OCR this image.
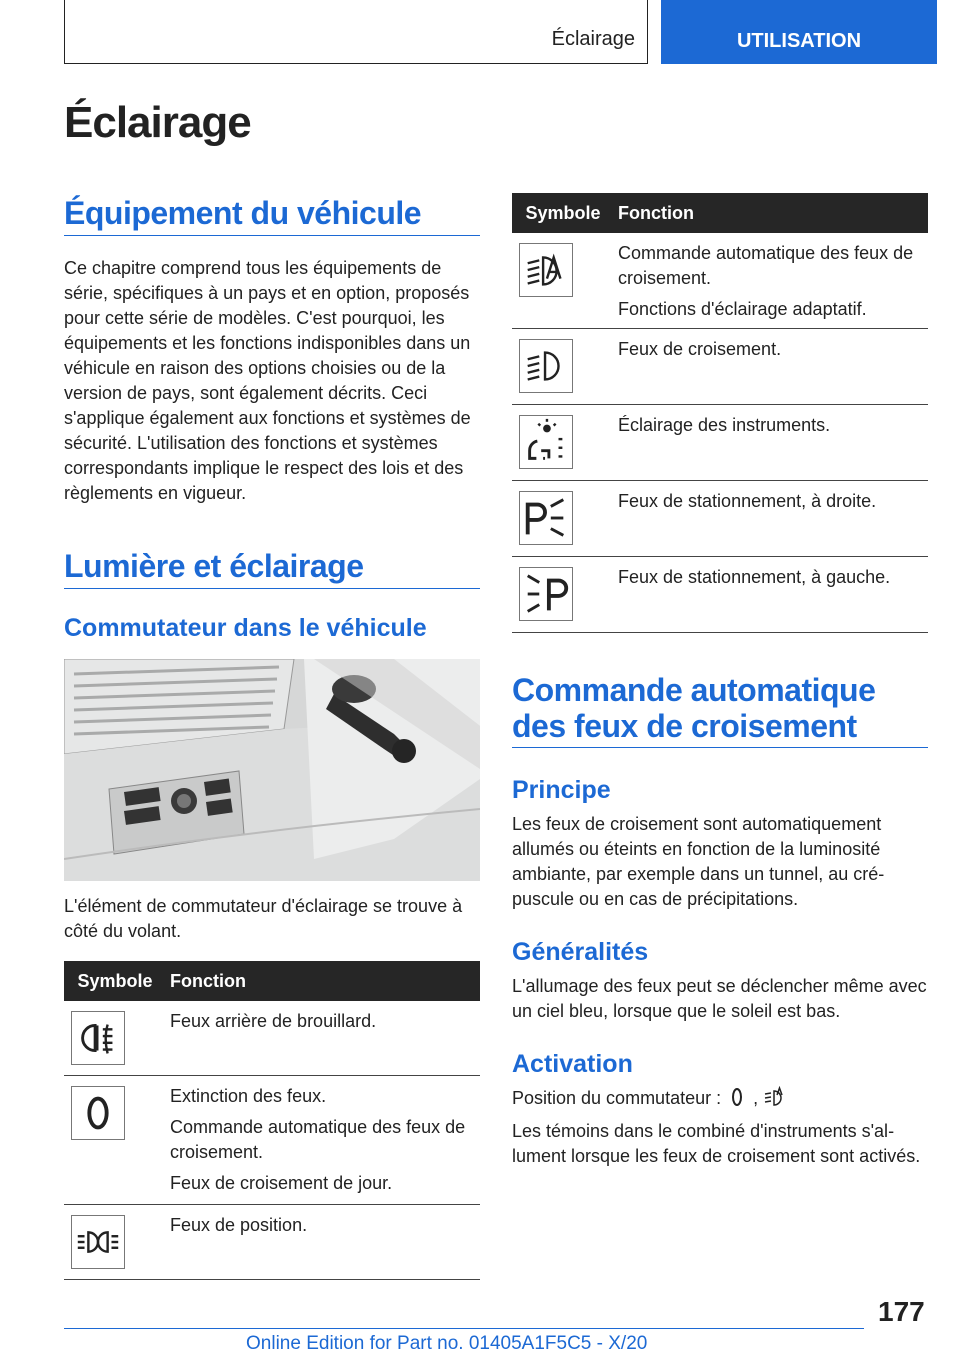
Éclairage	UTILISATION
Éclairage
Équipement du véhicule

Ce chapitre comprend tous les équipements de série, spécifiques à un pays et en option, proposés pour cette série de modèles. C'est pourquoi, les équipements et les fonctions indisponibles dans un véhicule en raison des options choisies ou de la version de pays, sont également décrits. Ceci s'applique également aux fonctions et systèmes de sécurité. L'utilisation des fonctions et systèmes correspondants implique le respect des lois et des règlements en vigueur.

Lumière et éclairage
Commutateur dans le véhicule

L'élément de commutateur d'éclairage se trouve à côté du volant.

Symbole Fonction

Feux arrière de brouillard.

Extinction des feux.

Commande automatique des feux de croisement.

Feux de croisement de jour.

Feux de position.

Symbole Fonction

Commande automatique des feux de croisement.

Fonctions d'éclairage adaptatif.

Feux de croisement.

Éclairage des instruments.

Feux de stationnement, à droite.

Feux de stationnement, à gauche.

Commande automatique des feux de croisement
Principe

Les feux de croisement sont automatiquement allumés ou éteints en fonction de la luminosité ambiante, par exemple dans un tunnel, au crépuscule ou en cas de précipitations.

Généralités

L'allumage des feux peut se déclencher même avec un ciel bleu, lorsque que le soleil est bas.

Activation

Position du commutateur : ,

Les témoins dans le combiné d'instruments s'allument lorsque les feux de croisement sont activés.

177
Online Edition for Part no. 01405A1F5C5 - X/20
